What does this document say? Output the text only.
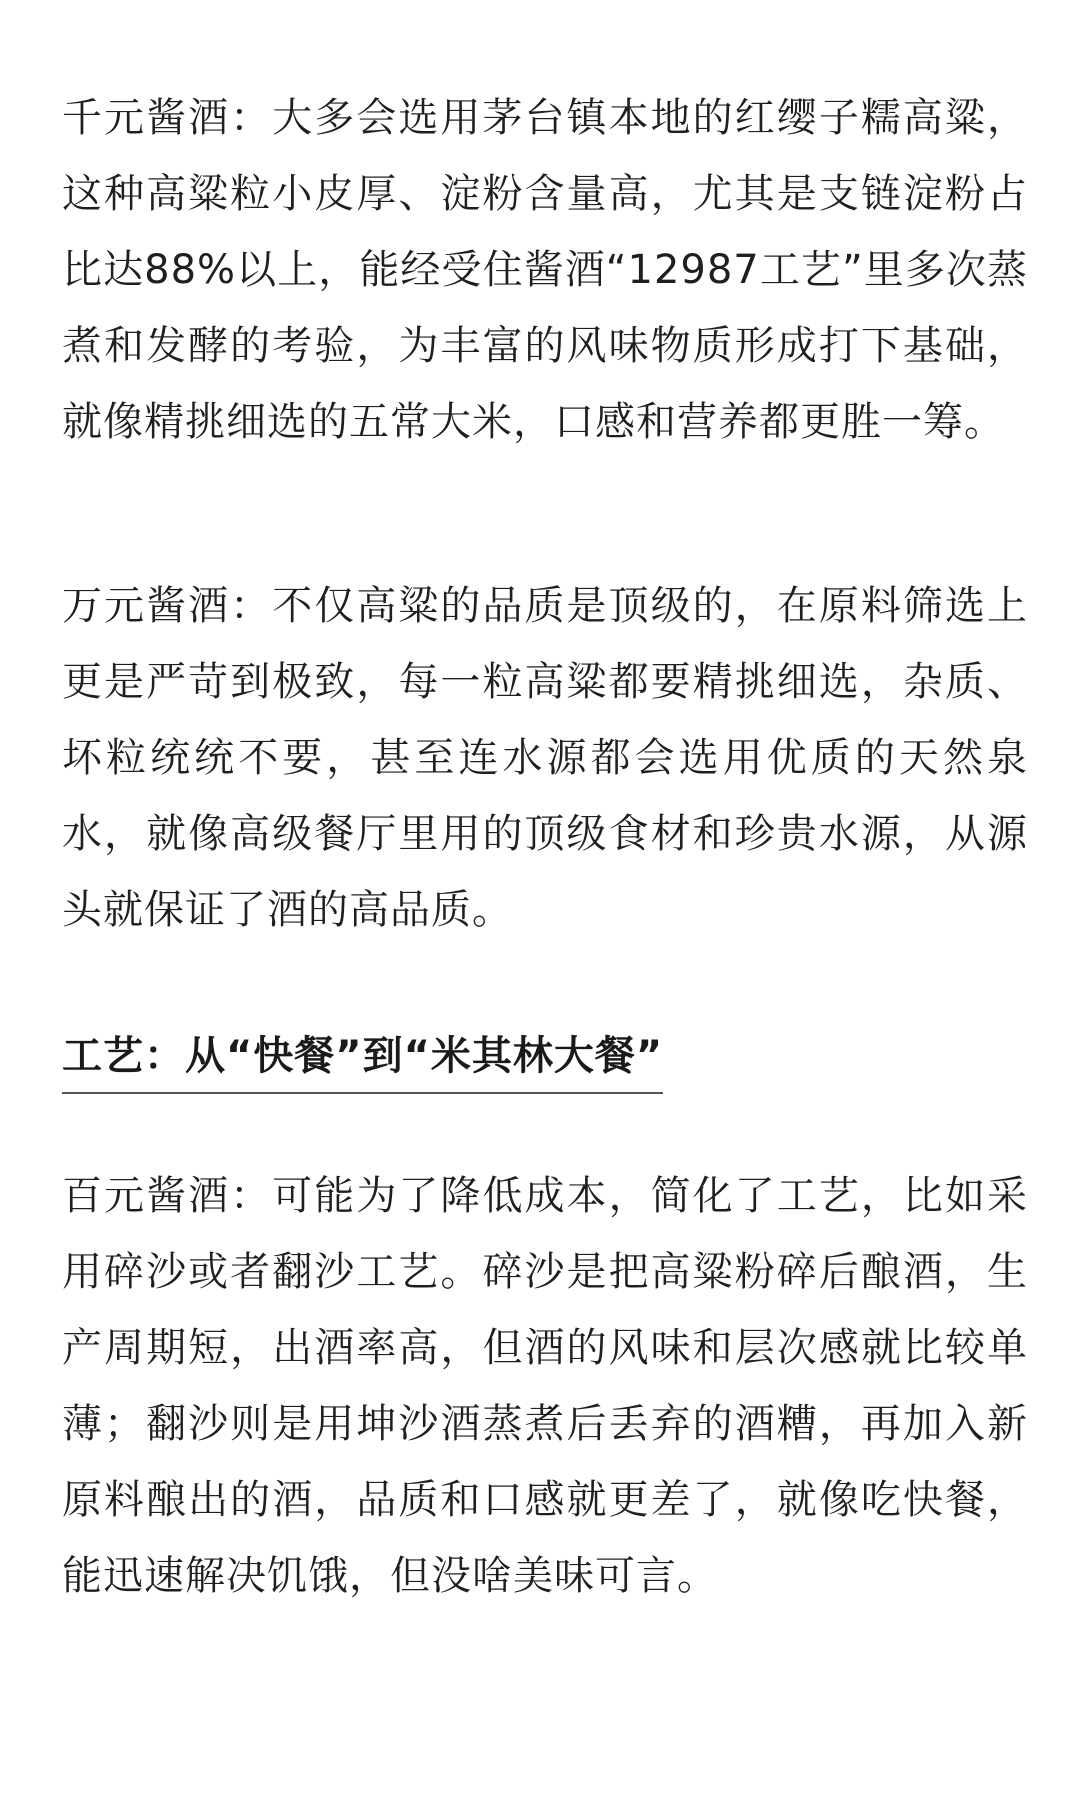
千元酱酒：大多会选用茅台镇本地的红缨子糯高粱，这种高粱粒小皮厚、淀粉含量高，尤其是支链淀粉占比达88%以上，能经受住酱酒“12987工艺”里多次蒸煮和发酵的考验，为丰富的风味物质形成打下基础，就像精挑细选的五常大米，口感和营养都更胜一筹。

万元酱酒：不仅高粱的品质是顶级的，在原料筛选上更是严苛到极致，每一粒高粱都要精挑细选，杂质、坏粒统统不要，甚至连水源都会选用优质的天然泉水，就像高级餐厅里用的顶级食材和珍贵水源，从源头就保证了酒的高品质。

工艺：从“快餐”到“米其林大餐”

百元酱酒：可能为了降低成本，简化了工艺，比如采用碎沙或者翻沙工艺。碎沙是把高粱粉碎后酿酒，生产周期短，出酒率高，但酒的风味和层次感就比较单薄；翻沙则是用坤沙酒蒸煮后丢弃的酒糟，再加入新原料酿出的酒，品质和口感就更差了，就像吃快餐，能迅速解决饥饿，但没啥美味可言。
